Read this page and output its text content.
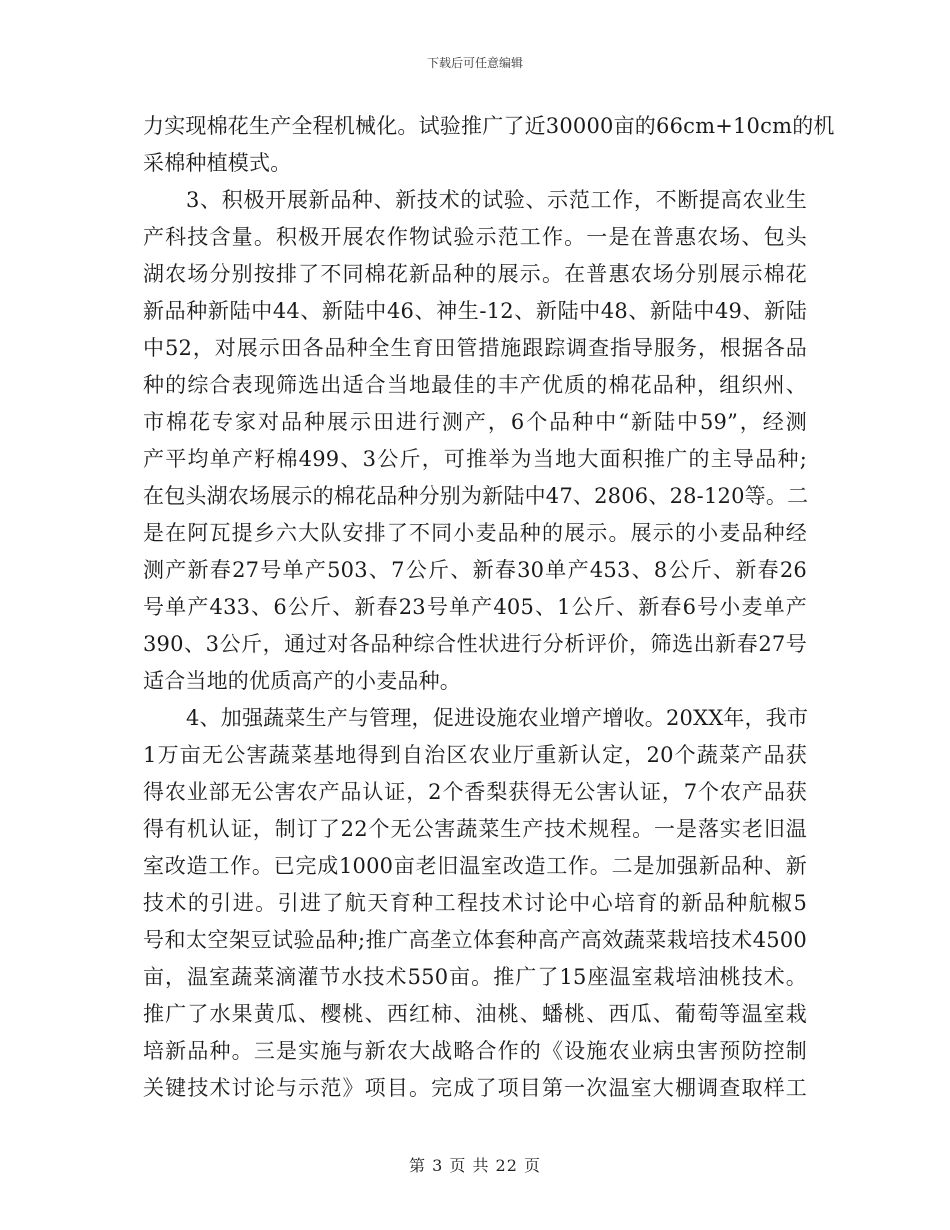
下载后可任意编辑
力实现棉花生产全程机械化。试验推广了近30000亩的66cm+10cm的机
采棉种植模式。
3、积极开展新品种、新技术的试验、示范工作，不断提高农业生
产科技含量。积极开展农作物试验示范工作。一是在普惠农场、包头
湖农场分别按排了不同棉花新品种的展示。在普惠农场分别展示棉花
新品种新陆中44、新陆中46、神生-12、新陆中48、新陆中49、新陆
中52，对展示田各品种全生育田管措施跟踪调查指导服务，根据各品
种的综合表现筛选出适合当地最佳的丰产优质的棉花品种，组织州、
市棉花专家对品种展示田进行测产，6个品种中“新陆中59”，经测
产平均单产籽棉499、3公斤，可推举为当地大面积推广的主导品种;
在包头湖农场展示的棉花品种分别为新陆中47、2806、28-120等。二
是在阿瓦提乡六大队安排了不同小麦品种的展示。展示的小麦品种经
测产新春27号单产503、7公斤、新春30单产453、8公斤、新春26
号单产433、6公斤、新春23号单产405、1公斤、新春6号小麦单产
390、3公斤，通过对各品种综合性状进行分析评价，筛选出新春27号
适合当地的优质高产的小麦品种。
4、加强蔬菜生产与管理，促进设施农业增产增收。20XX年，我市
1万亩无公害蔬菜基地得到自治区农业厅重新认定，20个蔬菜产品获
得农业部无公害农产品认证，2个香梨获得无公害认证，7个农产品获
得有机认证，制订了22个无公害蔬菜生产技术规程。一是落实老旧温
室改造工作。已完成1000亩老旧温室改造工作。二是加强新品种、新
技术的引进。引进了航天育种工程技术讨论中心培育的新品种航椒5
号和太空架豆试验品种;推广高垄立体套种高产高效蔬菜栽培技术4500
亩，温室蔬菜滴灌节水技术550亩。推广了15座温室栽培油桃技术。
推广了水果黄瓜、樱桃、西红柿、油桃、蟠桃、西瓜、葡萄等温室栽
培新品种。三是实施与新农大战略合作的《设施农业病虫害预防控制
关键技术讨论与示范》项目。完成了项目第一次温室大棚调查取样工
第 3 页 共 22 页
